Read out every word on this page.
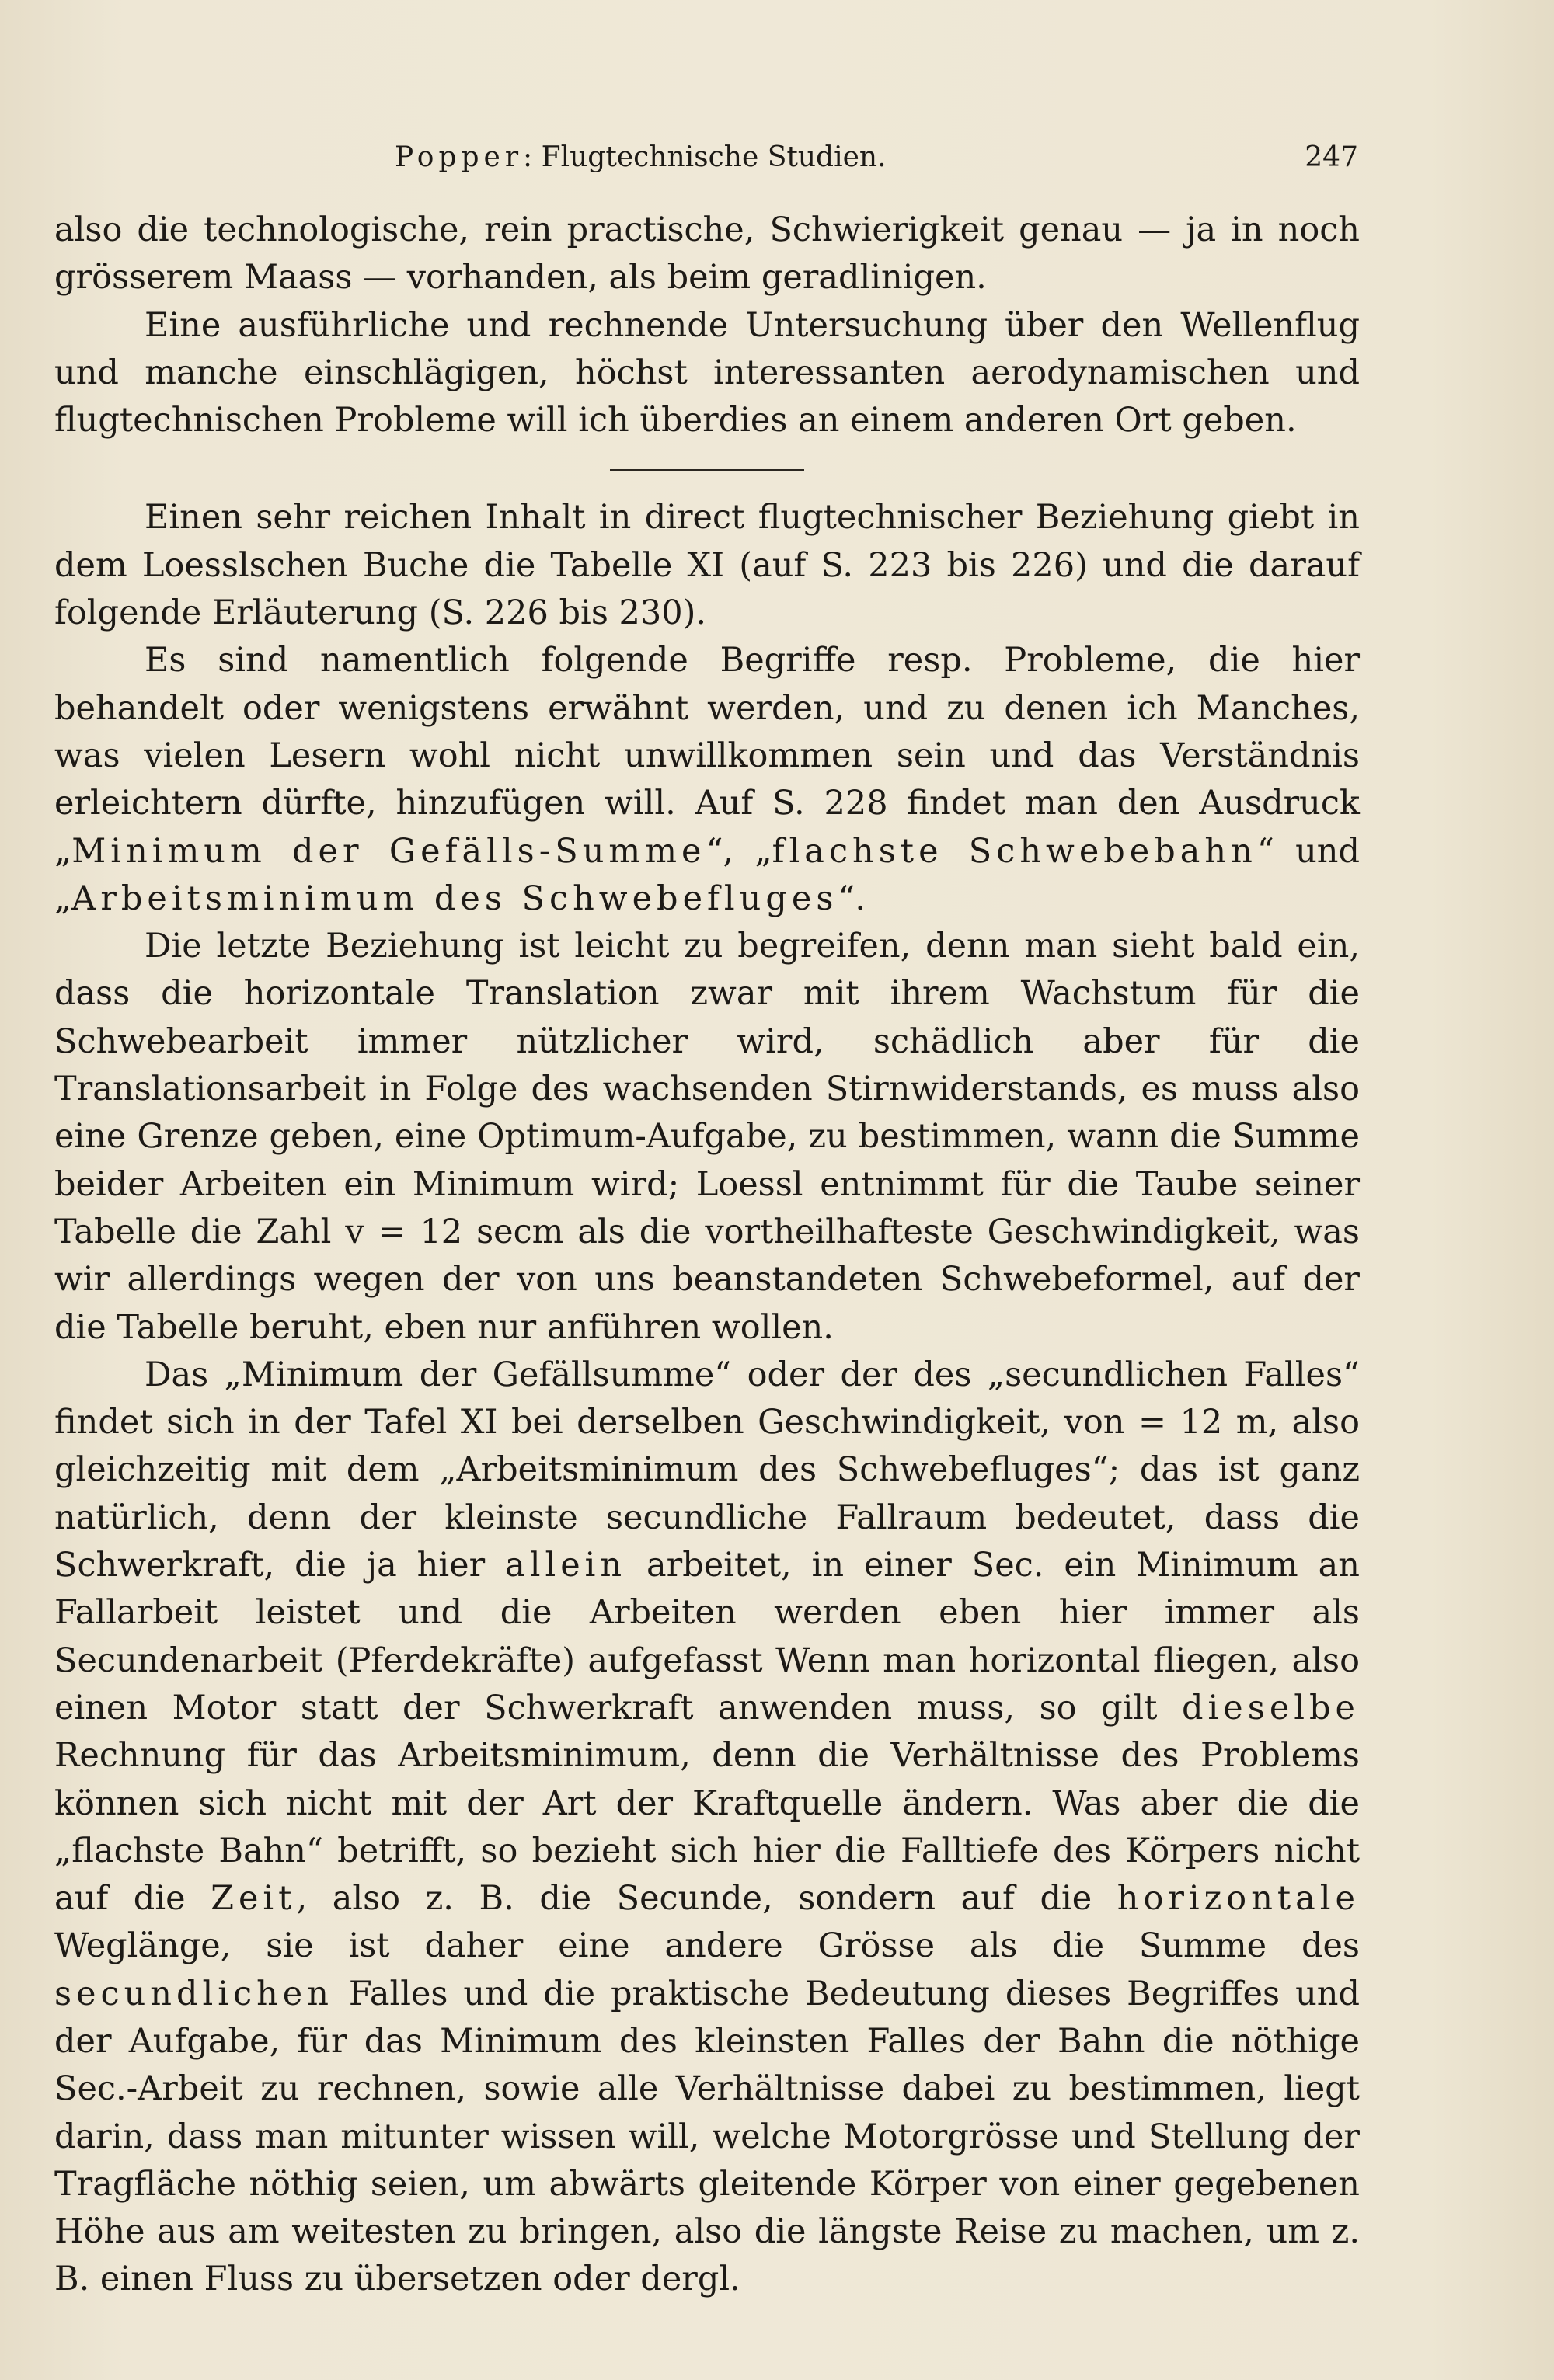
Popper: Flugtechnische Studien.	247

also die technologische, rein practische, Schwierigkeit genau — ja in noch grösserem Maass — vorhanden, als beim geradlinigen.

Eine ausführliche und rechnende Untersuchung über den Wellenflug und manche einschlägigen, höchst interessanten aerodynamischen und flugtechnischen Probleme will ich überdies an einem anderen Ort geben.

Einen sehr reichen Inhalt in direct flugtechnischer Beziehung giebt in dem Loesslschen Buche die Tabelle XI (auf S. 223 bis 226) und die darauf folgende Erläuterung (S. 226 bis 230).

Es sind namentlich folgende Begriffe resp. Probleme, die hier behandelt oder wenigstens erwähnt werden, und zu denen ich Manches, was vielen Lesern wohl nicht unwillkommen sein und das Verständnis erleichtern dürfte, hinzufügen will. Auf S. 228 findet man den Ausdruck „Minimum der Gefälls-Summe“, „flachste Schwebebahn“ und „Arbeitsminimum des Schwebefluges“.

Die letzte Beziehung ist leicht zu begreifen, denn man sieht bald ein, dass die horizontale Translation zwar mit ihrem Wachstum für die Schwebearbeit immer nützlicher wird, schädlich aber für die Translationsarbeit in Folge des wachsenden Stirnwiderstands, es muss also eine Grenze geben, eine Optimum-Aufgabe, zu bestimmen, wann die Summe beider Arbeiten ein Minimum wird; Loessl entnimmt für die Taube seiner Tabelle die Zahl v = 12 secm als die vortheilhafteste Geschwindigkeit, was wir allerdings wegen der von uns beanstandeten Schwebeformel, auf der die Tabelle beruht, eben nur anführen wollen.

Das „Minimum der Gefällsumme“ oder der des „secundlichen Falles“ findet sich in der Tafel XI bei derselben Geschwindigkeit, von = 12 m, also gleichzeitig mit dem „Arbeitsminimum des Schwebefluges“; das ist ganz natürlich, denn der kleinste secundliche Fallraum bedeutet, dass die Schwerkraft, die ja hier allein arbeitet, in einer Sec. ein Minimum an Fallarbeit leistet und die Arbeiten werden eben hier immer als Secundenarbeit (Pferdekräfte) aufgefasst Wenn man horizontal fliegen, also einen Motor statt der Schwerkraft anwenden muss, so gilt dieselbe Rechnung für das Arbeitsminimum, denn die Verhältnisse des Problems können sich nicht mit der Art der Kraftquelle ändern. Was aber die die „flachste Bahn“ betrifft, so bezieht sich hier die Falltiefe des Körpers nicht auf die Zeit, also z. B. die Secunde, sondern auf die horizontale Weglänge, sie ist daher eine andere Grösse als die Summe des secundlichen Falles und die praktische Bedeutung dieses Begriffes und der Aufgabe, für das Minimum des kleinsten Falles der Bahn die nöthige Sec.-Arbeit zu rechnen, sowie alle Verhältnisse dabei zu bestimmen, liegt darin, dass man mitunter wissen will, welche Motorgrösse und Stellung der Tragfläche nöthig seien, um abwärts gleitende Körper von einer gegebenen Höhe aus am weitesten zu bringen, also die längste Reise zu machen, um z. B. einen Fluss zu übersetzen oder dergl.
